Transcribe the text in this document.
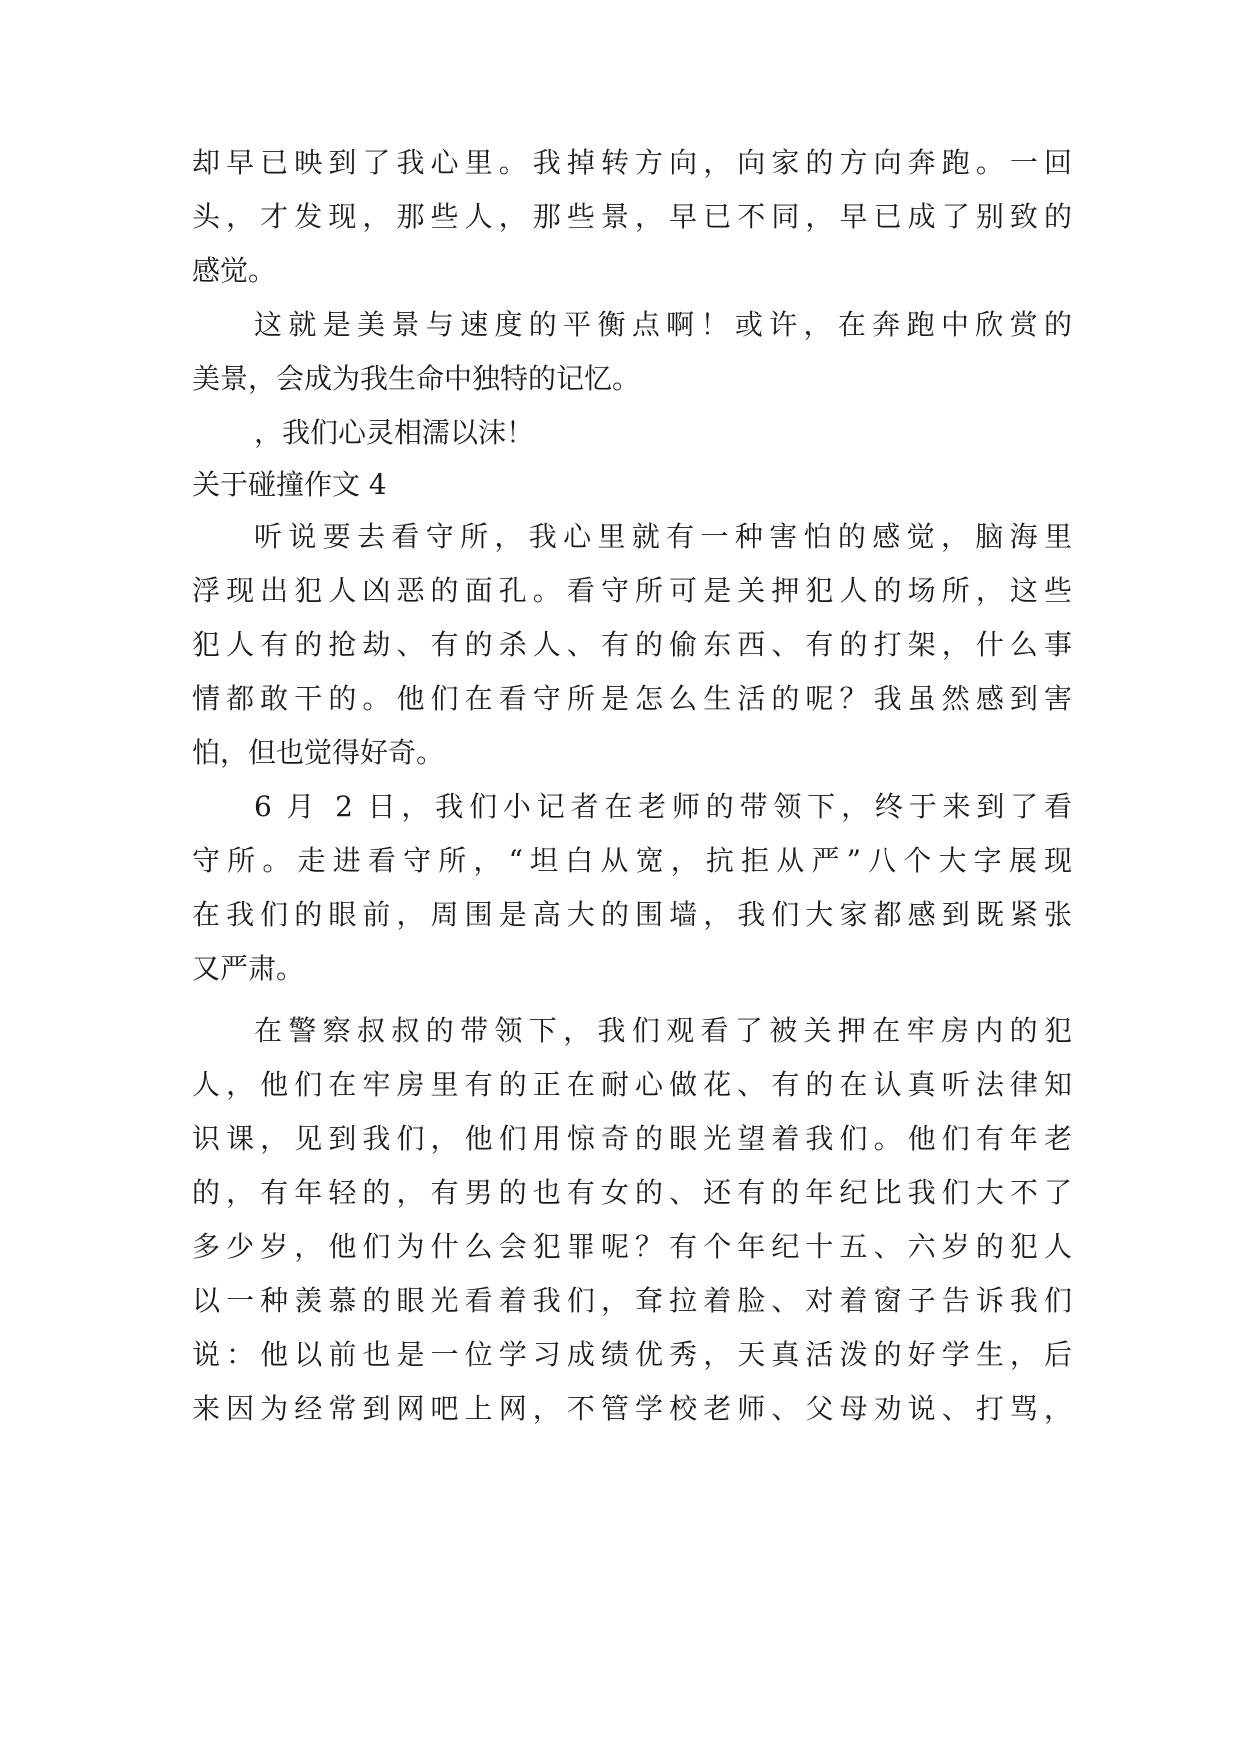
却早已映到了我心里。我掉转方向，向家的方向奔跑。一回
头，才发现，那些人，那些景，早已不同，早已成了别致的
感觉。
这就是美景与速度的平衡点啊！或许，在奔跑中欣赏的
美景，会成为我生命中独特的记忆。
，我们心灵相濡以沫！
关于碰撞作文 4
听说要去看守所，我心里就有一种害怕的感觉，脑海里
浮现出犯人凶恶的面孔。看守所可是关押犯人的场所，这些
犯人有的抢劫、有的杀人、有的偷东西、有的打架，什么事
情都敢干的。他们在看守所是怎么生活的呢？我虽然感到害
怕，但也觉得好奇。
6 月 2 日，我们小记者在老师的带领下，终于来到了看
守所。走进看守所，“坦白从宽，抗拒从严”八个大字展现
在我们的眼前，周围是高大的围墙，我们大家都感到既紧张
又严肃。
在警察叔叔的带领下，我们观看了被关押在牢房内的犯
人，他们在牢房里有的正在耐心做花、有的在认真听法律知
识课，见到我们，他们用惊奇的眼光望着我们。他们有年老
的，有年轻的，有男的也有女的、还有的年纪比我们大不了
多少岁，他们为什么会犯罪呢？有个年纪十五、六岁的犯人
以一种羡慕的眼光看着我们，耷拉着脸、对着窗子告诉我们
说：他以前也是一位学习成绩优秀，天真活泼的好学生，后
来因为经常到网吧上网，不管学校老师、父母劝说、打骂，
